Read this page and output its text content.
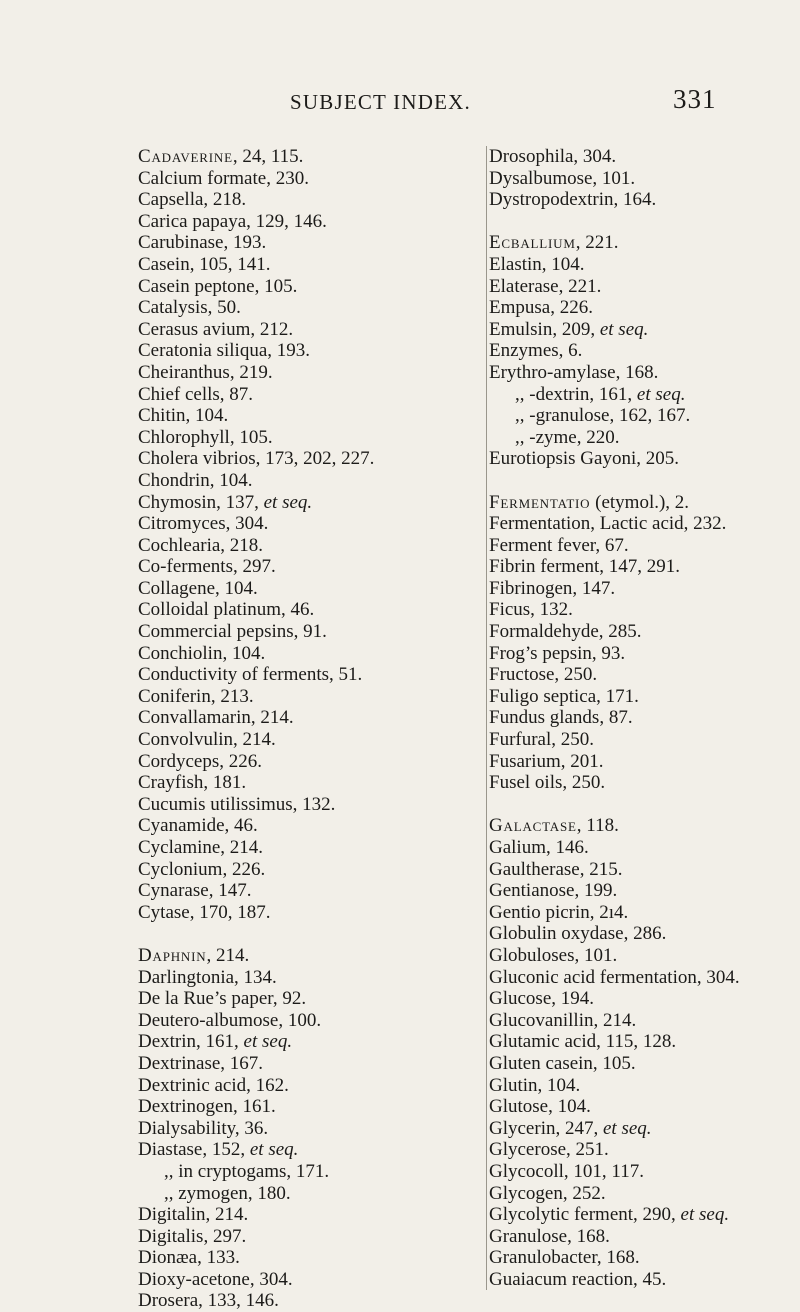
SUBJECT INDEX.	331
Cadaverine, 24, 115.
Calcium formate, 230.
Capsella, 218.
Carica papaya, 129, 146.
Carubinase, 193.
Casein, 105, 141.
Casein peptone, 105.
Catalysis, 50.
Cerasus avium, 212.
Ceratonia siliqua, 193.
Cheiranthus, 219.
Chief cells, 87.
Chitin, 104.
Chlorophyll, 105.
Cholera vibrios, 173, 202, 227.
Chondrin, 104.
Chymosin, 137, et seq.
Citromyces, 304.
Cochlearia, 218.
Co-ferments, 297.
Collagene, 104.
Colloidal platinum, 46.
Commercial pepsins, 91.
Conchiolin, 104.
Conductivity of ferments, 51.
Coniferin, 213.
Convallamarin, 214.
Convolvulin, 214.
Cordyceps, 226.
Crayfish, 181.
Cucumis utilissimus, 132.
Cyanamide, 46.
Cyclamine, 214.
Cyclonium, 226.
Cynarase, 147.
Cytase, 170, 187.
Daphnin, 214.
Darlingtonia, 134.
De la Rue’s paper, 92.
Deutero-albumose, 100.
Dextrin, 161, et seq.
Dextrinase, 167.
Dextrinic acid, 162.
Dextrinogen, 161.
Dialysability, 36.
Diastase, 152, et seq.
,, in cryptogams, 171.
,, zymogen, 180.
Digitalin, 214.
Digitalis, 297.
Dionæa, 133.
Dioxy-acetone, 304.
Drosera, 133, 146.
Drosophila, 304.
Dysalbumose, 101.
Dystropodextrin, 164.
Ecballium, 221.
Elastin, 104.
Elaterase, 221.
Empusa, 226.
Emulsin, 209, et seq.
Enzymes, 6.
Erythro-amylase, 168.
,, -dextrin, 161, et seq.
,, -granulose, 162, 167.
,, -zyme, 220.
Eurotiopsis Gayoni, 205.
Fermentatio (etymol.), 2.
Fermentation, Lactic acid, 232.
Ferment fever, 67.
Fibrin ferment, 147, 291.
Fibrinogen, 147.
Ficus, 132.
Formaldehyde, 285.
Frog’s pepsin, 93.
Fructose, 250.
Fuligo septica, 171.
Fundus glands, 87.
Furfural, 250.
Fusarium, 201.
Fusel oils, 250.
Galactase, 118.
Galium, 146.
Gaultherase, 215.
Gentianose, 199.
Gentio picrin, 2ı4.
Globulin oxydase, 286.
Globuloses, 101.
Gluconic acid fermentation, 304.
Glucose, 194.
Glucovanillin, 214.
Glutamic acid, 115, 128.
Gluten casein, 105.
Glutin, 104.
Glutose, 104.
Glycerin, 247, et seq.
Glycerose, 251.
Glycocoll, 101, 117.
Glycogen, 252.
Glycolytic ferment, 290, et seq.
Granulose, 168.
Granulobacter, 168.
Guaiacum reaction, 45.
